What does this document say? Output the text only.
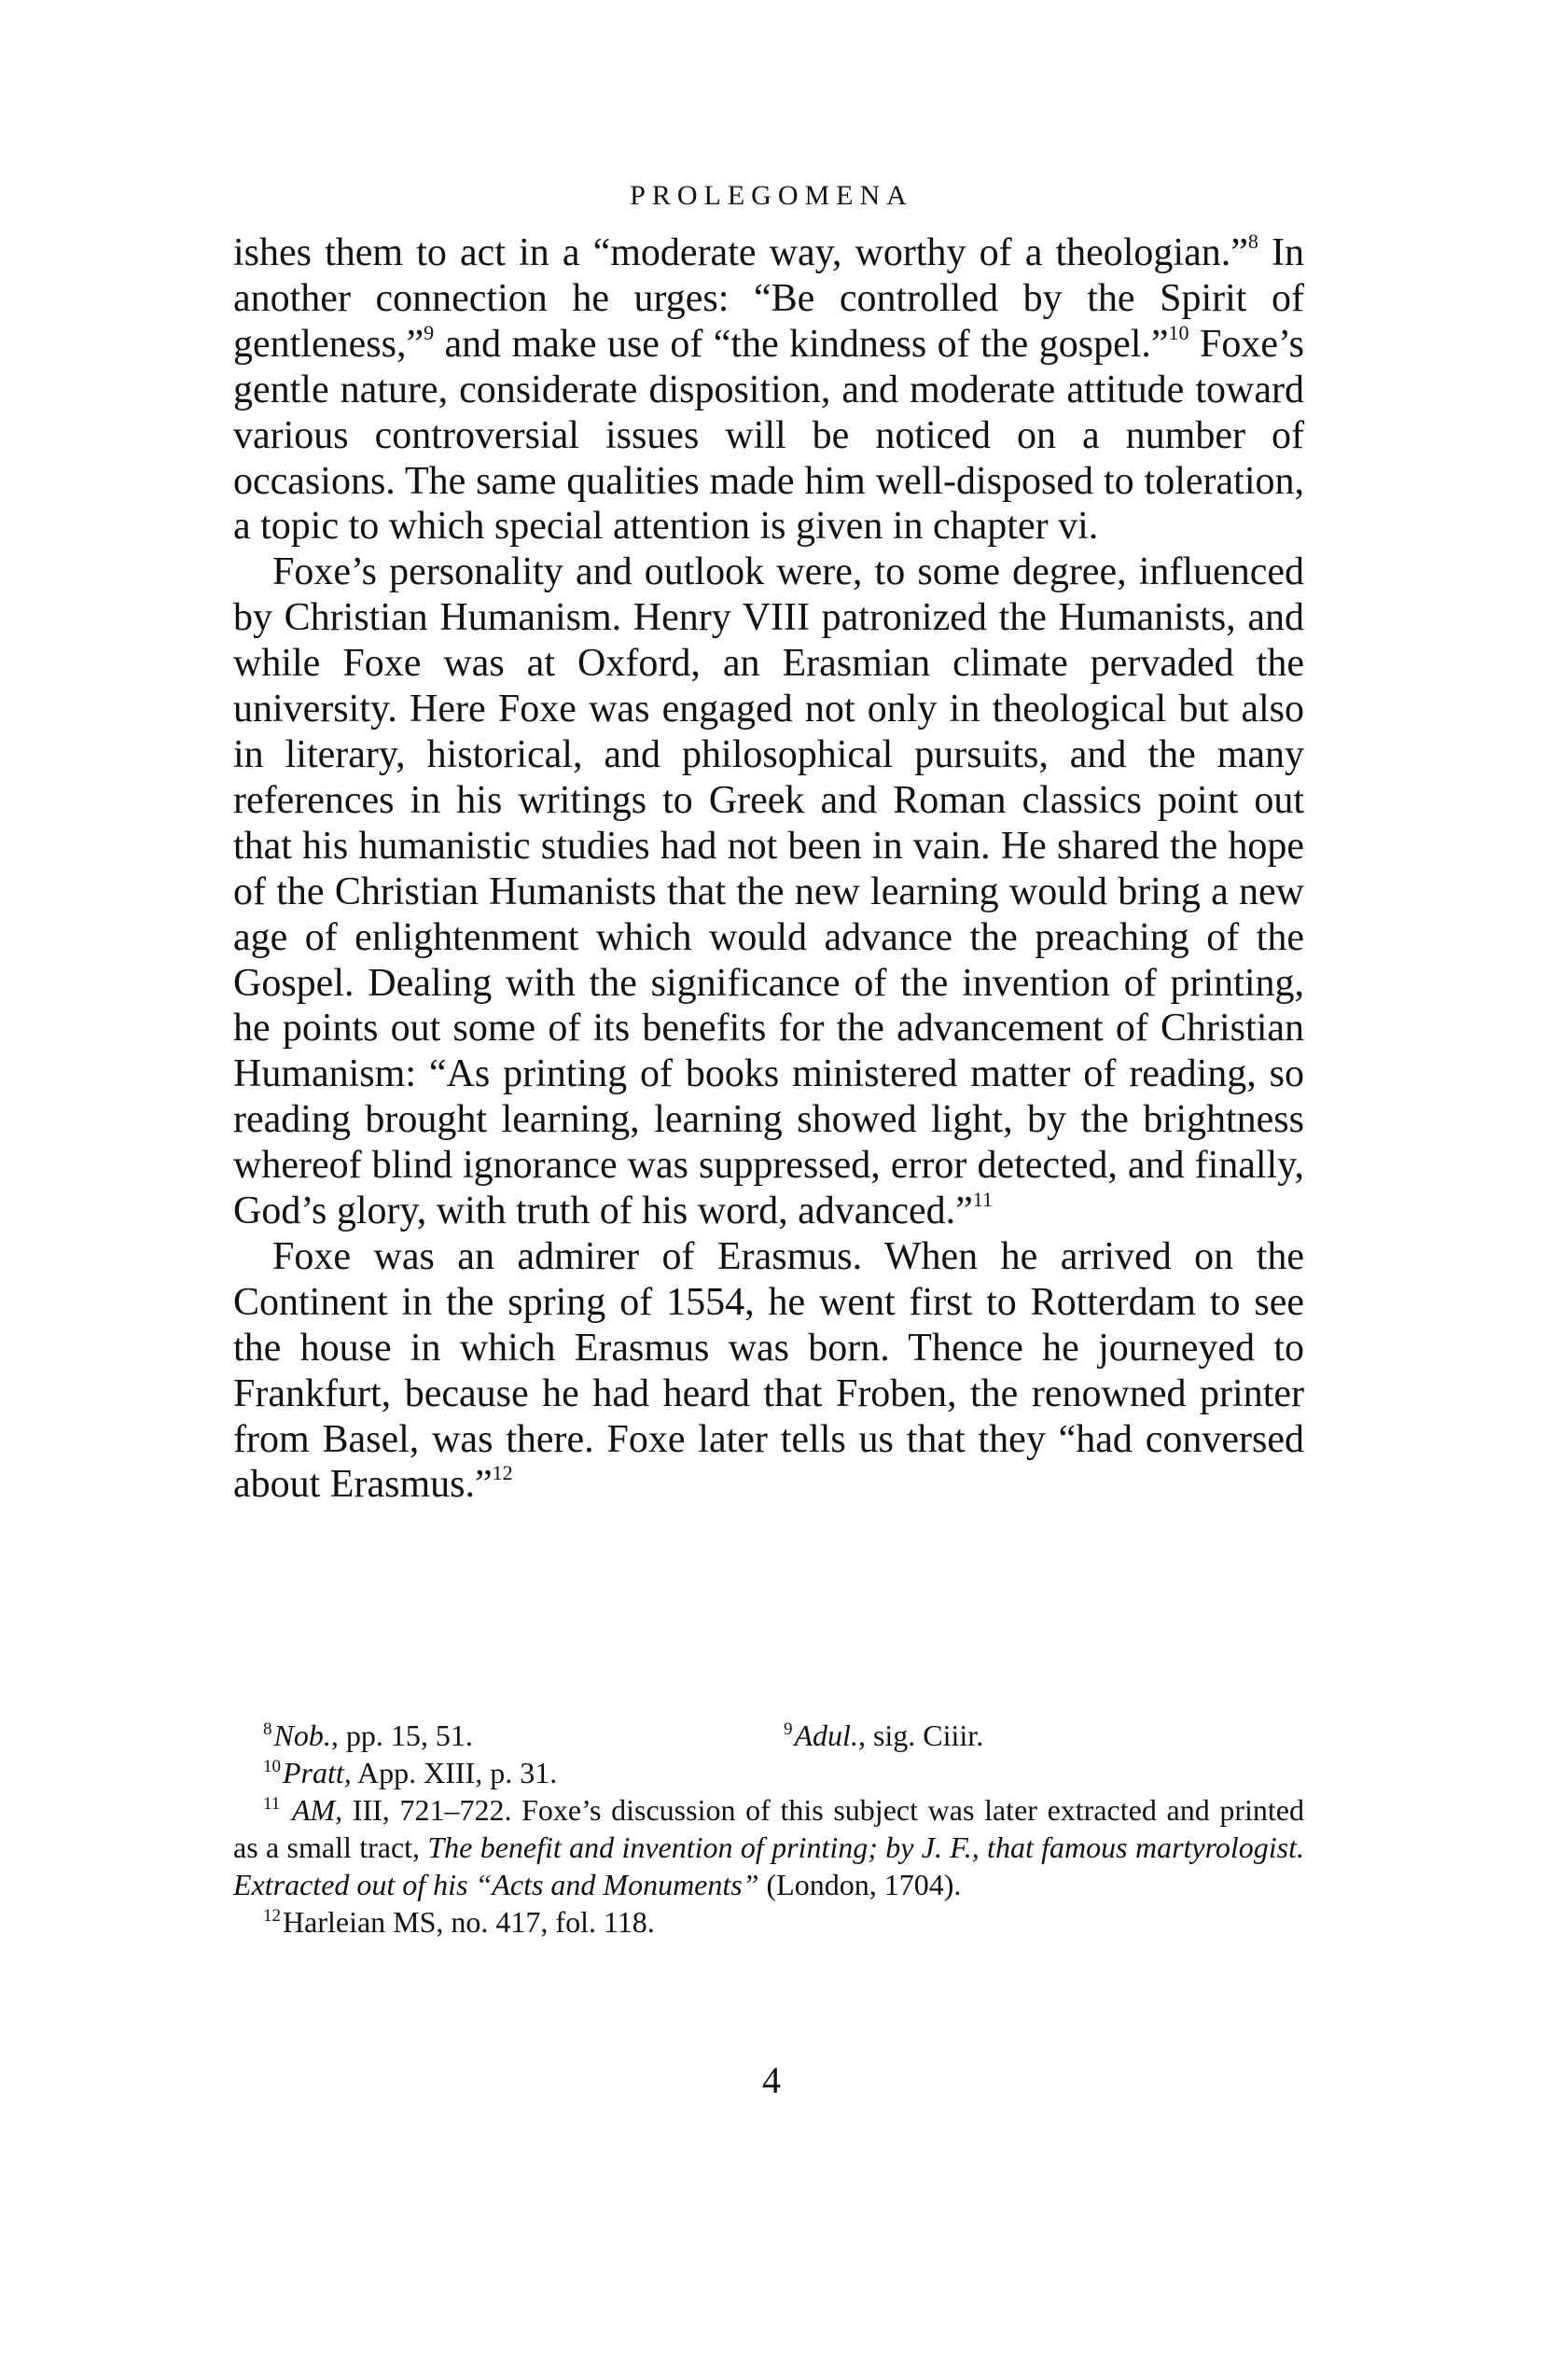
PROLEGOMENA

ishes them to act in a “moderate way, worthy of a theologian.”$^8$ In another connection he urges: “Be controlled by the Spirit of gentleness,”$^9$ and make use of “the kindness of the gospel.”$^{10}$ Foxe’s gentle nature, considerate disposition, and moderate attitude toward various controversial issues will be noticed on a number of occasions. The same qualities made him well-disposed to toleration, a topic to which special attention is given in chapter vi.

Foxe’s personality and outlook were, to some degree, influenced by Christian Humanism. Henry VIII patronized the Humanists, and while Foxe was at Oxford, an Erasmian climate pervaded the university. Here Foxe was engaged not only in theological but also in literary, historical, and philosophical pursuits, and the many references in his writings to Greek and Roman classics point out that his humanistic studies had not been in vain. He shared the hope of the Christian Humanists that the new learning would bring a new age of enlightenment which would advance the preaching of the Gospel. Dealing with the significance of the invention of printing, he points out some of its benefits for the advancement of Christian Humanism: “As printing of books ministered matter of reading, so reading brought learning, learning showed light, by the brightness whereof blind ignorance was suppressed, error detected, and finally, God’s glory, with truth of his word, advanced.”$^{11}$

Foxe was an admirer of Erasmus. When he arrived on the Continent in the spring of 1554, he went first to Rotterdam to see the house in which Erasmus was born. Thence he journeyed to Frankfurt, because he had heard that Froben, the renowned printer from Basel, was there. Foxe later tells us that they “had conversed about Erasmus.”$^{12}$

$^8$Nob., pp. 15, 51.	$^9$Adul., sig. Ciiir.

$^{10}$Pratt, App. XIII, p. 31.

$^{11}$ AM, III, 721–722. Foxe’s discussion of this subject was later extracted and printed as a small tract, The benefit and invention of printing; by J. F., that famous martyrologist. Extracted out of his “Acts and Monuments” (London, 1704).

$^{12}$Harleian MS, no. 417, fol. 118.

4
